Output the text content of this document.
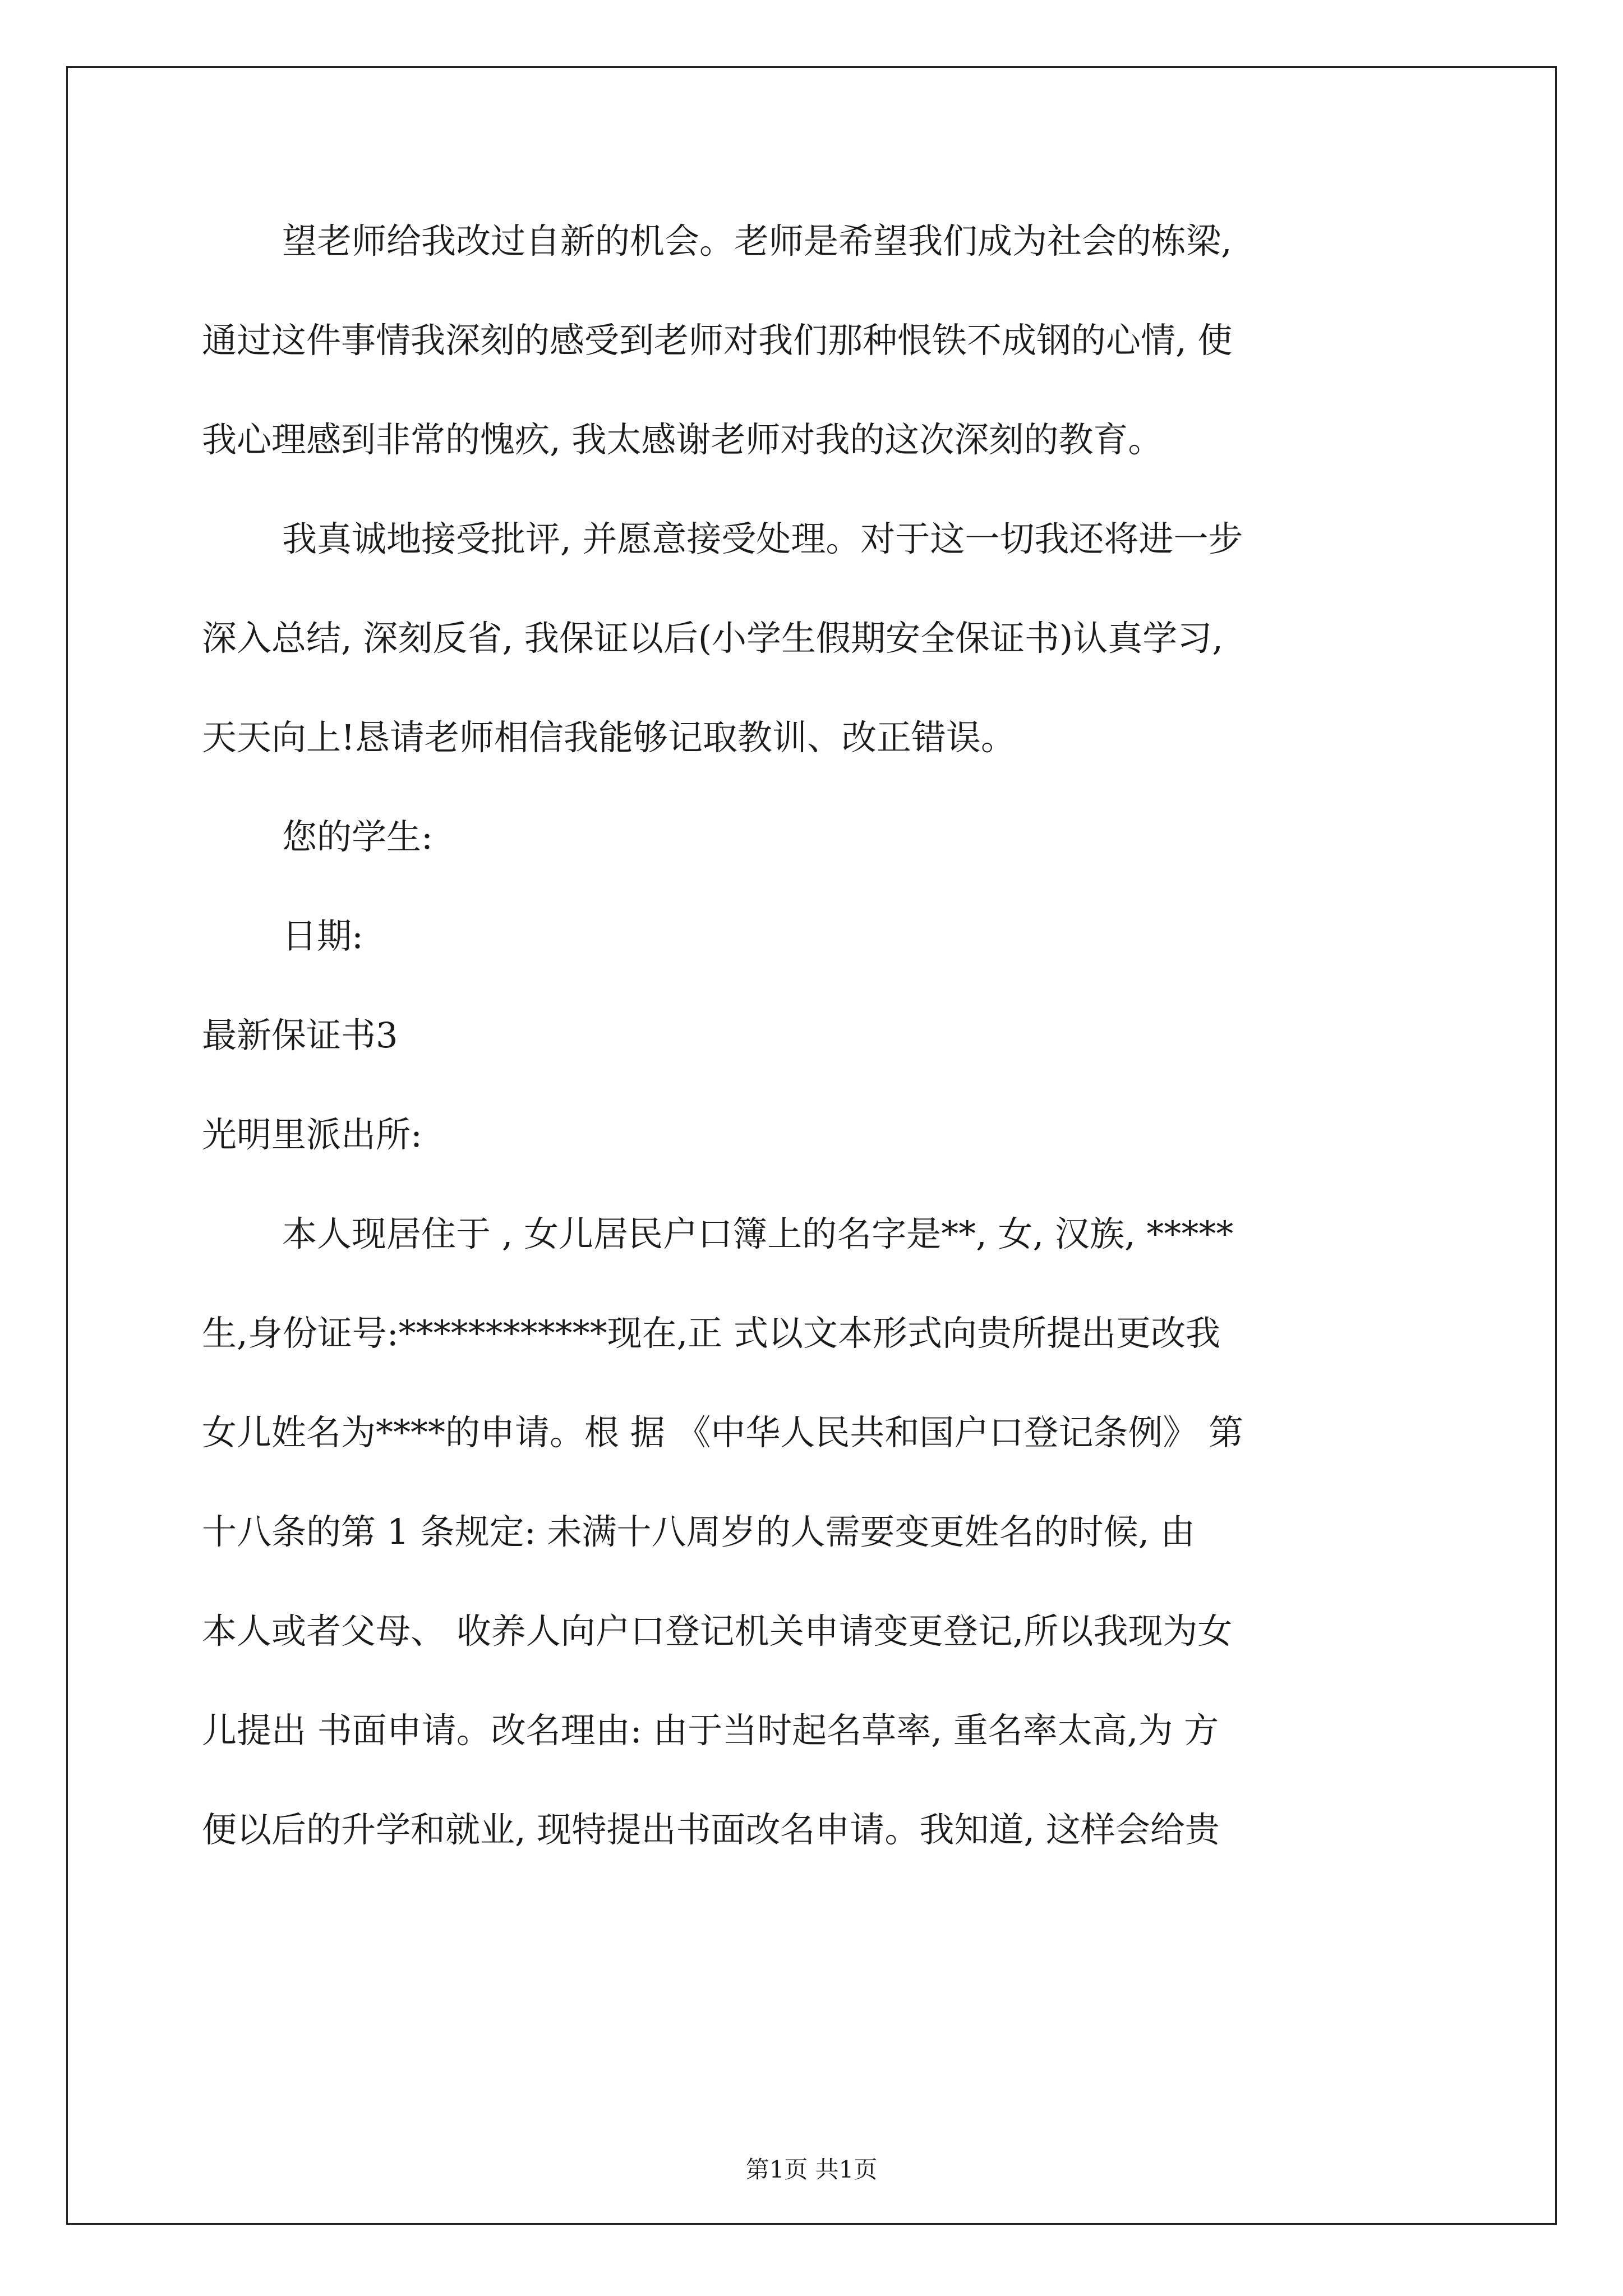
望老师给我改过自新的机会。老师是希望我们成为社会的栋梁,
通过这件事情我深刻的感受到老师对我们那种恨铁不成钢的心情, 使
我心理感到非常的愧疚, 我太感谢老师对我的这次深刻的教育。
我真诚地接受批评, 并愿意接受处理。对于这一切我还将进一步
深入总结, 深刻反省, 我保证以后(小学生假期安全保证书)认真学习,
天天向上!恳请老师相信我能够记取教训、改正错误。
您的学生:
日期:
最新保证书3
光明里派出所:
本人现居住于 , 女儿居民户口簿上的名字是**, 女, 汉族, *****
生,身份证号:************现在,正 式以文本形式向贵所提出更改我
女儿姓名为****的申请。根 据 《中华人民共和国户口登记条例》 第
十八条的第 1 条规定: 未满十八周岁的人需要变更姓名的时候, 由
本人或者父母、 收养人向户口登记机关申请变更登记,所以我现为女
儿提出 书面申请。改名理由: 由于当时起名草率, 重名率太高,为 方
便以后的升学和就业, 现特提出书面改名申请。我知道, 这样会给贵
第1页 共1页
